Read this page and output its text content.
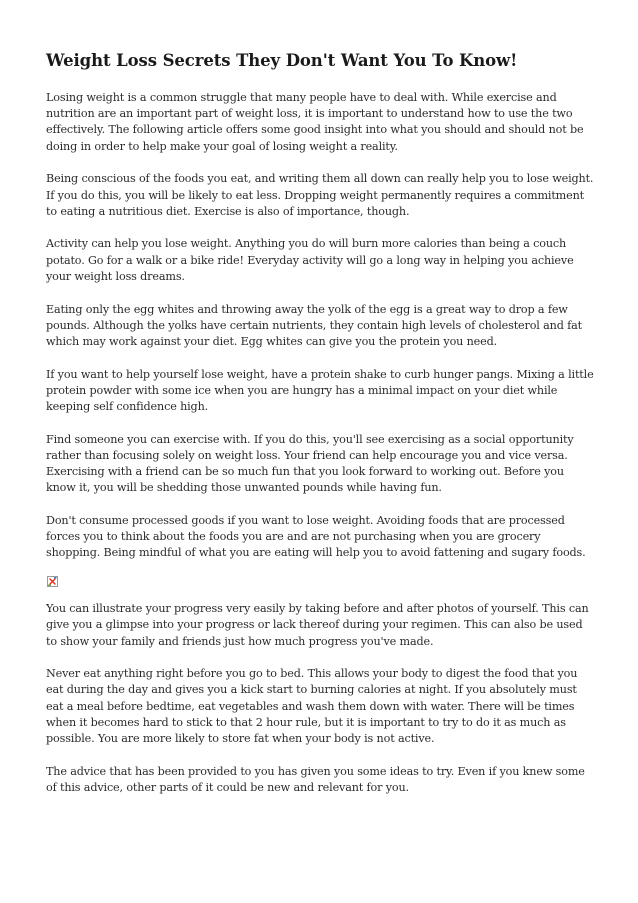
Weight Loss Secrets They Don't Want You To Know!

Losing weight is a common struggle that many people have to deal with. While exercise and nutrition are an important part of weight loss, it is important to understand how to use the two effectively. The following article offers some good insight into what you should and should not be doing in order to help make your goal of losing weight a reality.

Being conscious of the foods you eat, and writing them all down can really help you to lose weight. If you do this, you will be likely to eat less. Dropping weight permanently requires a commitment to eating a nutritious diet. Exercise is also of importance, though.

Activity can help you lose weight. Anything you do will burn more calories than being a couch potato. Go for a walk or a bike ride! Everyday activity will go a long way in helping you achieve your weight loss dreams.

Eating only the egg whites and throwing away the yolk of the egg is a great way to drop a few pounds. Although the yolks have certain nutrients, they contain high levels of cholesterol and fat which may work against your diet. Egg whites can give you the protein you need.

If you want to help yourself lose weight, have a protein shake to curb hunger pangs. Mixing a little protein powder with some ice when you are hungry has a minimal impact on your diet while keeping self confidence high.

Find someone you can exercise with. If you do this, you'll see exercising as a social opportunity rather than focusing solely on weight loss. Your friend can help encourage you and vice versa. Exercising with a friend can be so much fun that you look forward to working out. Before you know it, you will be shedding those unwanted pounds while having fun.

Don't consume processed goods if you want to lose weight. Avoiding foods that are processed forces you to think about the foods you are and are not purchasing when you are grocery shopping. Being mindful of what you are eating will help you to avoid fattening and sugary foods.

You can illustrate your progress very easily by taking before and after photos of yourself. This can give you a glimpse into your progress or lack thereof during your regimen. This can also be used to show your family and friends just how much progress you've made.

Never eat anything right before you go to bed. This allows your body to digest the food that you eat during the day and gives you a kick start to burning calories at night. If you absolutely must eat a meal before bedtime, eat vegetables and wash them down with water. There will be times when it becomes hard to stick to that 2 hour rule, but it is important to try to do it as much as possible. You are more likely to store fat when your body is not active.

The advice that has been provided to you has given you some ideas to try. Even if you knew some of this advice, other parts of it could be new and relevant for you.
